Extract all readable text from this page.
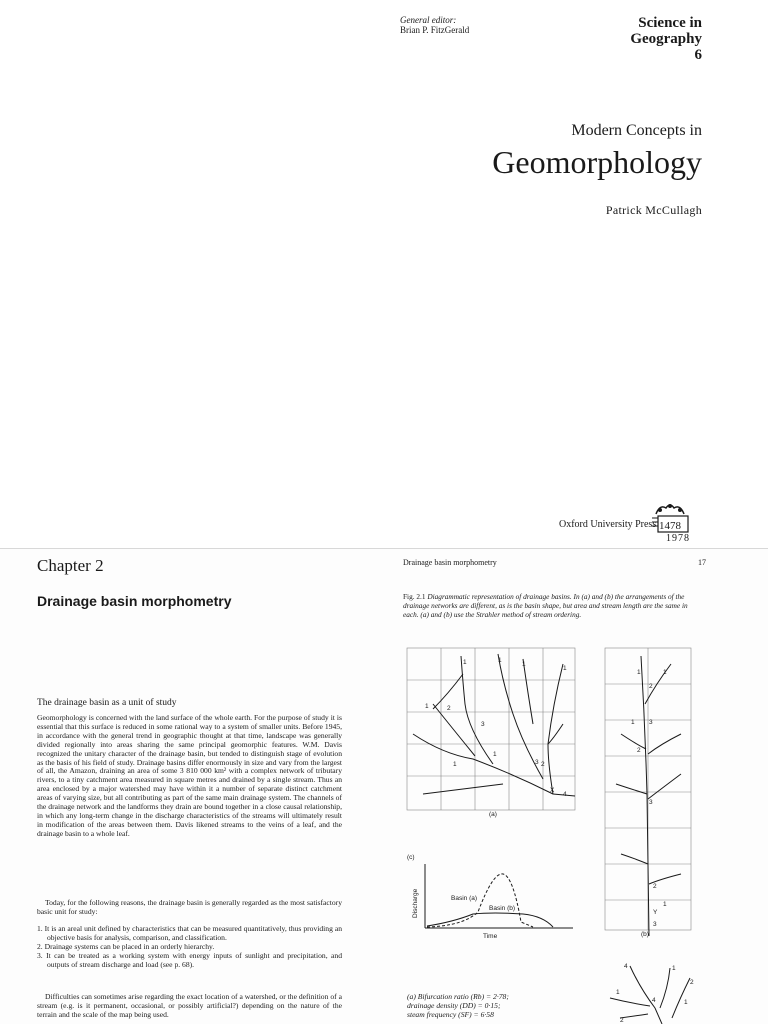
General editor:
Brian P. FitzGerald	Science in
Geography
6
Modern Concepts in
Geomorphology
Patrick McCullagh
Oxford University Press 1478
1978
Chapter 2
Drainage basin morphometry
The drainage basin as a unit of study

Geomorphology is concerned with the land surface of the whole earth. For the purpose of study it is essential that this surface is reduced in some rational way to a system of smaller units. Before 1945, in accordance with the general trend in geographic thought at that time, landscape was generally divided regionally into areas sharing the same principal geomorphic features. W.M. Davis recognized the unitary character of the drainage basin, but tended to distinguish stage of evolution as the basis of his field of study. Drainage basins differ enormously in size and vary from the largest of all, the Amazon, draining an area of some 3 810 000 km² with a complex network of tributary rivers, to a tiny catchment area measured in square metres and drained by a single stream. Thus an area enclosed by a major watershed may have within it a number of separate distinct catchment areas of varying size, but all contributing as part of the same main drainage system. The channels of the drainage network and the landforms they drain are bound together in a close causal relationship, in which any long-term change in the discharge characteristics of the streams will ultimately result in modification of the areas between them. Davis likened streams to the veins of a leaf, and the drainage basin to a whole leaf.

Today, for the following reasons, the drainage basin is generally regarded as the most satisfactory basic unit for study:

1. It is an areal unit defined by characteristics that can be measured quantitatively, thus providing an objective basis for analysis, comparison, and classification.
2. Drainage systems can be placed in an orderly hierarchy.
3. It can be treated as a working system with energy inputs of sunlight and precipitation, and outputs of stream discharge and load (see p. 68).

Difficulties can sometimes arise regarding the exact location of a watershed, or the definition of a stream (e.g. is it permanent, occasional, or possibly artificial?) depending on the nature of the terrain and the scale of the map being used.

Drainage basin morphometry	17
Fig. 2.1 Diagrammatic representation of drainage basins. In (a) and (b) the arrangements of the drainage networks are different, as is the basin shape, but area and stream length are the same in each. (a) and (b) use the Strahler method of stream ordering.
1	1
1
1
1	2
3
2
3
X
4
1
1
(a)
1	1
2
1 3
2
3
2
1
Y
3
(b)
(c)
Discharge	Basin (a)
Basin (b)
Time
4	1
2
1
4	1
2
(a) Bifurcation ratio (Rb) = 2·78;
drainage density (DD) = 0·15;
steam frequency (SF) = 6·58
